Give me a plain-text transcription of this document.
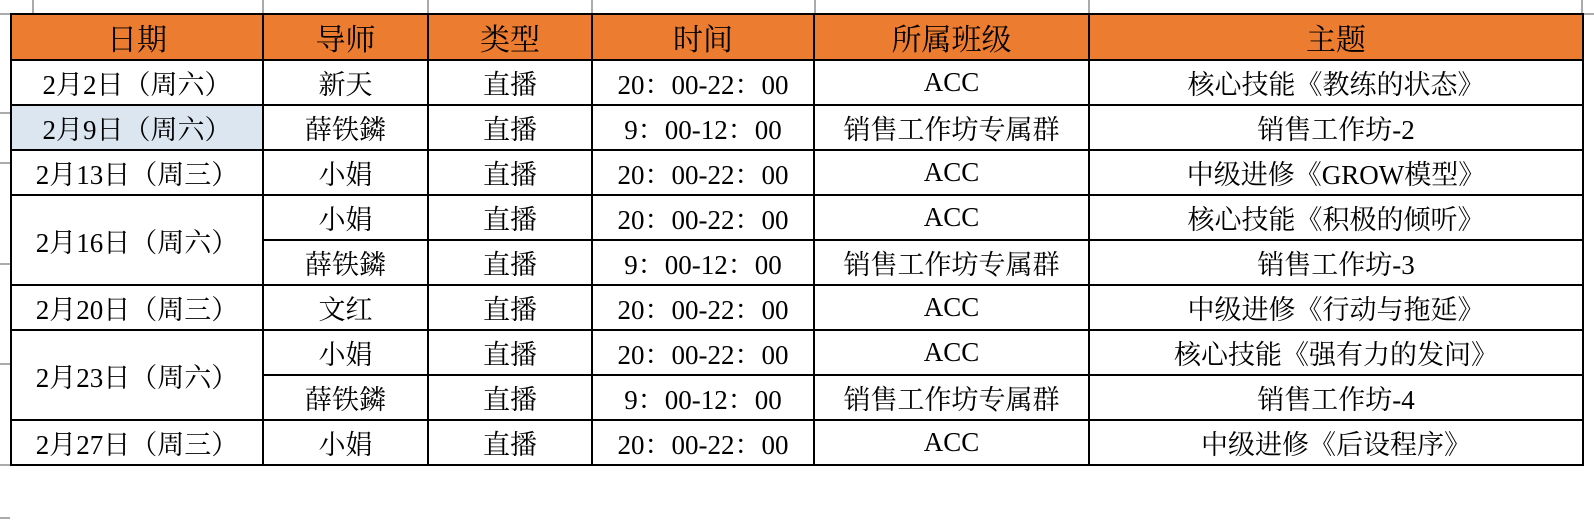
日期	导师	类型	时间	所属班级	主题
2月2日（周六）	新天	直播	20：00-22：00	ACC	核心技能《教练的状态》
2月9日（周六）	薛铁鏻	直播	9：00-12：00	销售工作坊专属群	销售工作坊-2
2月13日（周三）	小娟	直播	20：00-22：00	ACC	中级进修《GROW模型》
2月16日（周六）	小娟	直播	20：00-22：00	ACC	核心技能《积极的倾听》
	薛铁鏻	直播	9：00-12：00	销售工作坊专属群	销售工作坊-3
2月20日（周三）	文红	直播	20：00-22：00	ACC	中级进修《行动与拖延》
2月23日（周六）	小娟	直播	20：00-22：00	ACC	核心技能《强有力的发问》
	薛铁鏻	直播	9：00-12：00	销售工作坊专属群	销售工作坊-4
2月27日（周三）	小娟	直播	20：00-22：00	ACC	中级进修《后设程序》
